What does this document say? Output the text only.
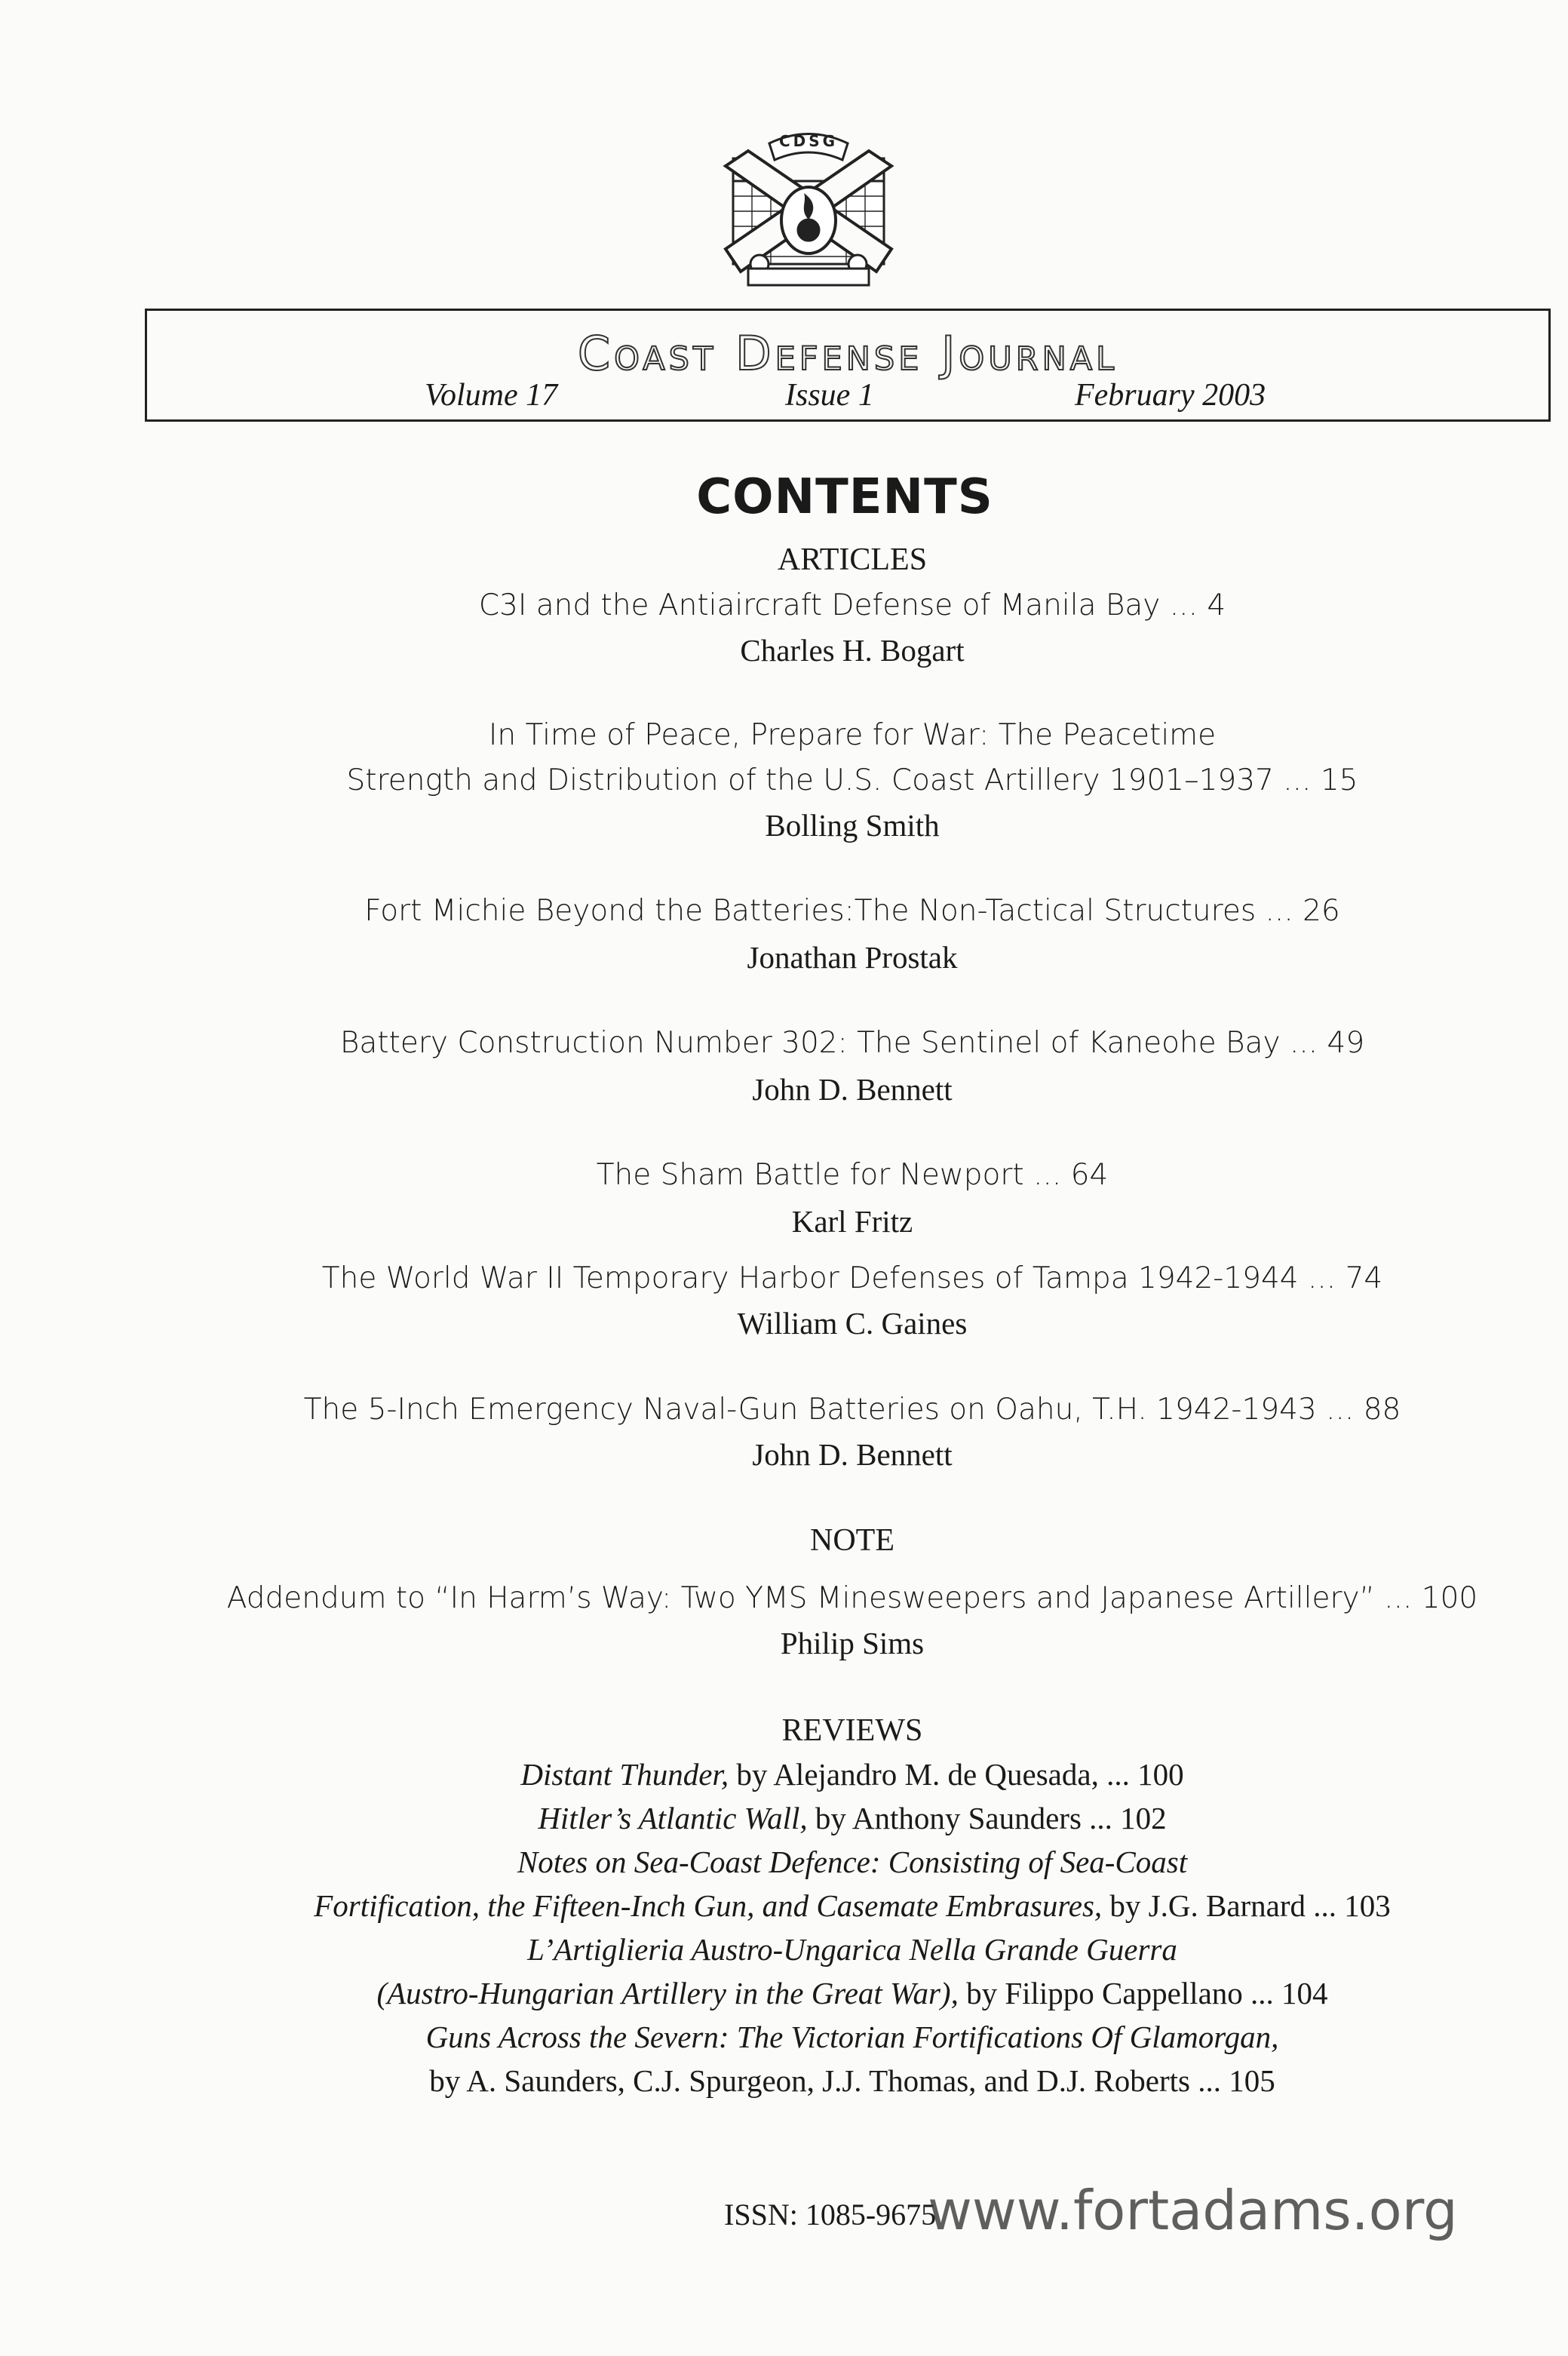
CDSG
Coast Defense Journal
Volume 17	Issue 1	February 2003
CONTENTS
ARTICLES
C3I and the Antiaircraft Defense of Manila Bay ... 4
Charles H. Bogart
In Time of Peace, Prepare for War: The Peacetime
Strength and Distribution of the U.S. Coast Artillery 1901–1937 ... 15
Bolling Smith
Fort Michie Beyond the Batteries:The Non-Tactical Structures ... 26
Jonathan Prostak
Battery Construction Number 302: The Sentinel of Kaneohe Bay ... 49
John D. Bennett
The Sham Battle for Newport ... 64
Karl Fritz
The World War II Temporary Harbor Defenses of Tampa 1942-1944 ... 74
William C. Gaines
The 5-Inch Emergency Naval-Gun Batteries on Oahu, T.H. 1942-1943 ... 88
John D. Bennett
NOTE
Addendum to “In Harm’s Way: Two YMS Minesweepers and Japanese Artillery” ... 100
Philip Sims
REVIEWS
Distant Thunder, by Alejandro M. de Quesada, ... 100
Hitler’s Atlantic Wall, by Anthony Saunders ... 102
Notes on Sea-Coast Defence: Consisting of Sea-Coast
Fortification, the Fifteen-Inch Gun, and Casemate Embrasures, by J.G. Barnard ... 103
L’Artiglieria Austro-Ungarica Nella Grande Guerra
(Austro-Hungarian Artillery in the Great War), by Filippo Cappellano ... 104
Guns Across the Severn: The Victorian Fortifications Of Glamorgan,
by A. Saunders, C.J. Spurgeon, J.J. Thomas, and D.J. Roberts ... 105
ISSN: 1085-9675
www.fortadams.org
